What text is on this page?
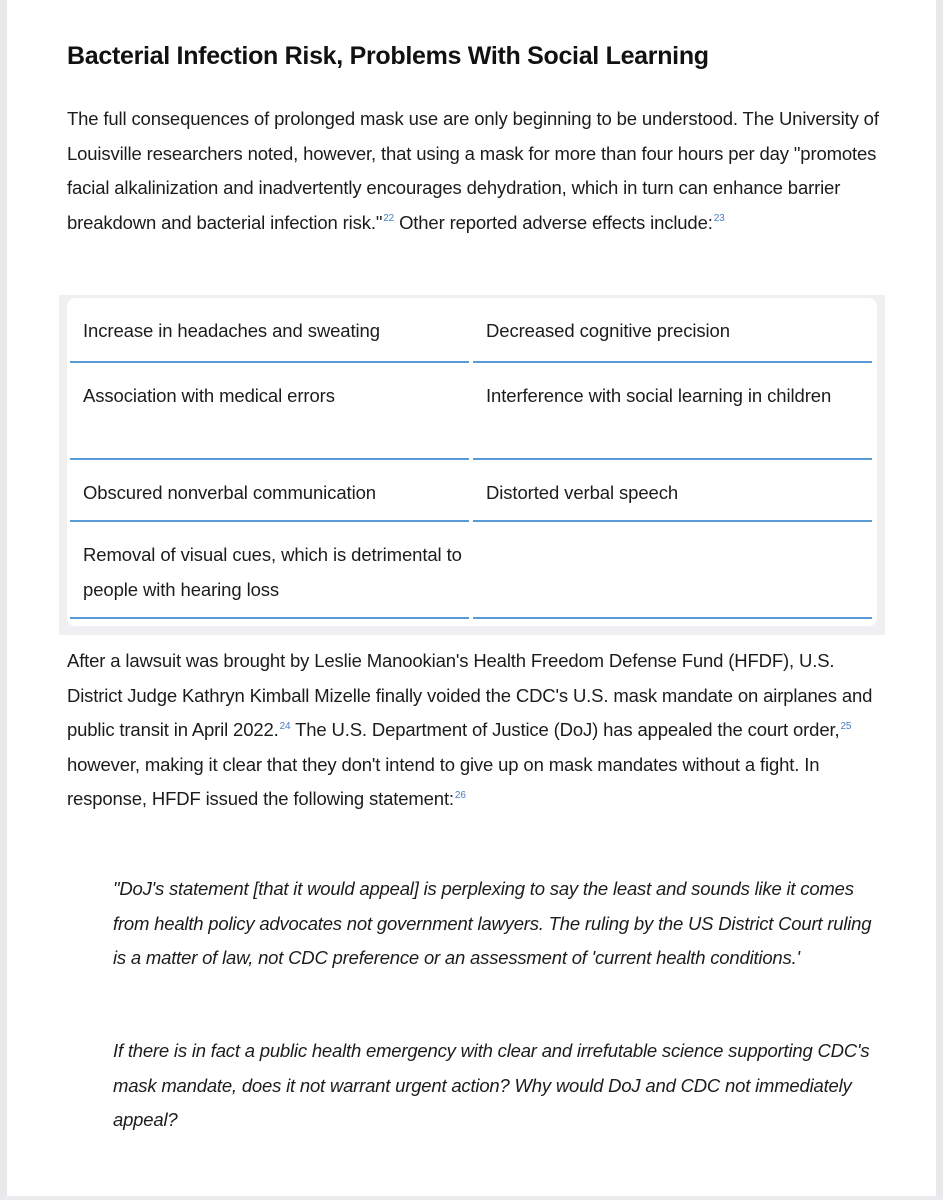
Bacterial Infection Risk, Problems With Social Learning

The full consequences of prolonged mask use are only beginning to be understood. The University of Louisville researchers noted, however, that using a mask for more than four hours per day "promotes facial alkalinization and inadvertently encourages dehydration, which in turn can enhance barrier breakdown and bacterial infection risk."$^{22}$ Other reported adverse effects include:$^{23}$

Increase in headaches and sweating	Decreased cognitive precision
Association with medical errors	Interference with social learning in children
Obscured nonverbal communication	Distorted verbal speech
Removal of visual cues, which is detrimental to people with hearing loss

After a lawsuit was brought by Leslie Manookian's Health Freedom Defense Fund (HFDF), U.S. District Judge Kathryn Kimball Mizelle finally voided the CDC's U.S. mask mandate on airplanes and public transit in April 2022.24 The U.S. Department of Justice (DoJ) has appealed the court order,$^{25}$ however, making it clear that they don't intend to give up on mask mandates without a fight. In response, HFDF issued the following statement:$^{26}$

"DoJ's statement [that it would appeal] is perplexing to say the least and sounds like it comes from health policy advocates not government lawyers. The ruling by the US District Court ruling is a matter of law, not CDC preference or an assessment of 'current health conditions.'

If there is in fact a public health emergency with clear and irrefutable science supporting CDC's mask mandate, does it not warrant urgent action? Why would DoJ and CDC not immediately appeal?
